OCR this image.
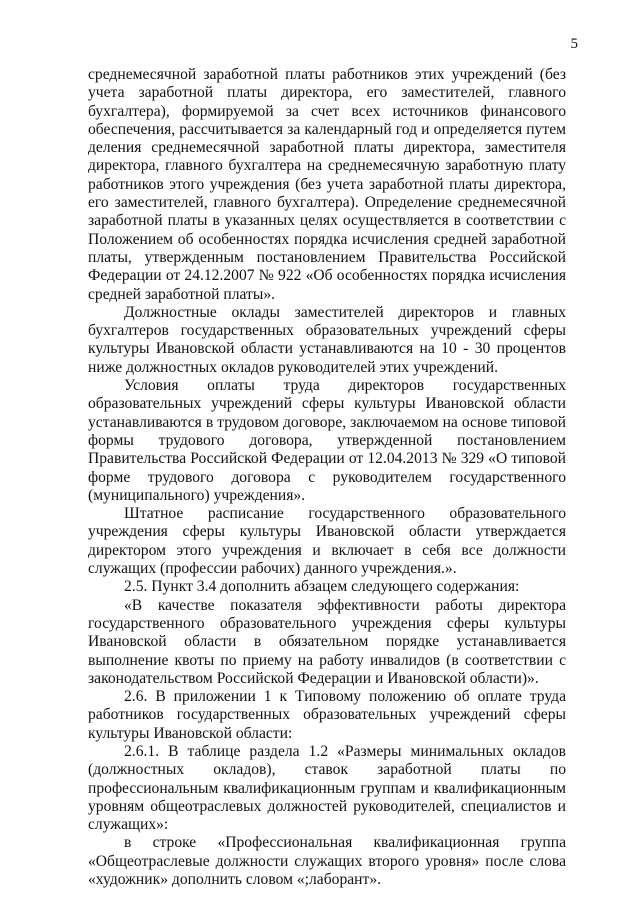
5

среднемесячной заработной платы работников этих учреждений (без учета заработной платы директора, его заместителей, главного бухгалтера), формируемой за счет всех источников финансового обеспечения, рассчитывается за календарный год и определяется путем деления среднемесячной заработной платы директора, заместителя директора, главного бухгалтера на среднемесячную заработную плату работников этого учреждения (без учета заработной платы директора, его заместителей, главного бухгалтера). Определение среднемесячной заработной платы в указанных целях осуществляется в соответствии с Положением об особенностях порядка исчисления средней заработной платы, утвержденным постановлением Правительства Российской Федерации от 24.12.2007 № 922 «Об особенностях порядка исчисления средней заработной платы».

Должностные оклады заместителей директоров и главных бухгалтеров государственных образовательных учреждений сферы культуры Ивановской области устанавливаются на 10 - 30 процентов ниже должностных окладов руководителей этих учреждений.

Условия оплаты труда директоров государственных образовательных учреждений сферы культуры Ивановской области устанавливаются в трудовом договоре, заключаемом на основе типовой формы трудового договора, утвержденной постановлением Правительства Российской Федерации от 12.04.2013 № 329 «О типовой форме трудового договора с руководителем государственного (муниципального) учреждения».

Штатное расписание государственного образовательного учреждения сферы культуры Ивановской области утверждается директором этого учреждения и включает в себя все должности служащих (профессии рабочих) данного учреждения.».

2.5. Пункт 3.4 дополнить абзацем следующего содержания:

«В качестве показателя эффективности работы директора государственного образовательного учреждения сферы культуры Ивановской области в обязательном порядке устанавливается выполнение квоты по приему на работу инвалидов (в соответствии с законодательством Российской Федерации и Ивановской области)».

2.6. В приложении 1 к Типовому положению об оплате труда работников государственных образовательных учреждений сферы культуры Ивановской области:

2.6.1. В таблице раздела 1.2 «Размеры минимальных окладов (должностных окладов), ставок заработной платы по профессиональным квалификационным группам и квалификационным уровням общеотраслевых должностей руководителей, специалистов и служащих»:

в строке «Профессиональная квалификационная группа «Общеотраслевые должности служащих второго уровня» после слова «художник» дополнить словом «;лаборант».
